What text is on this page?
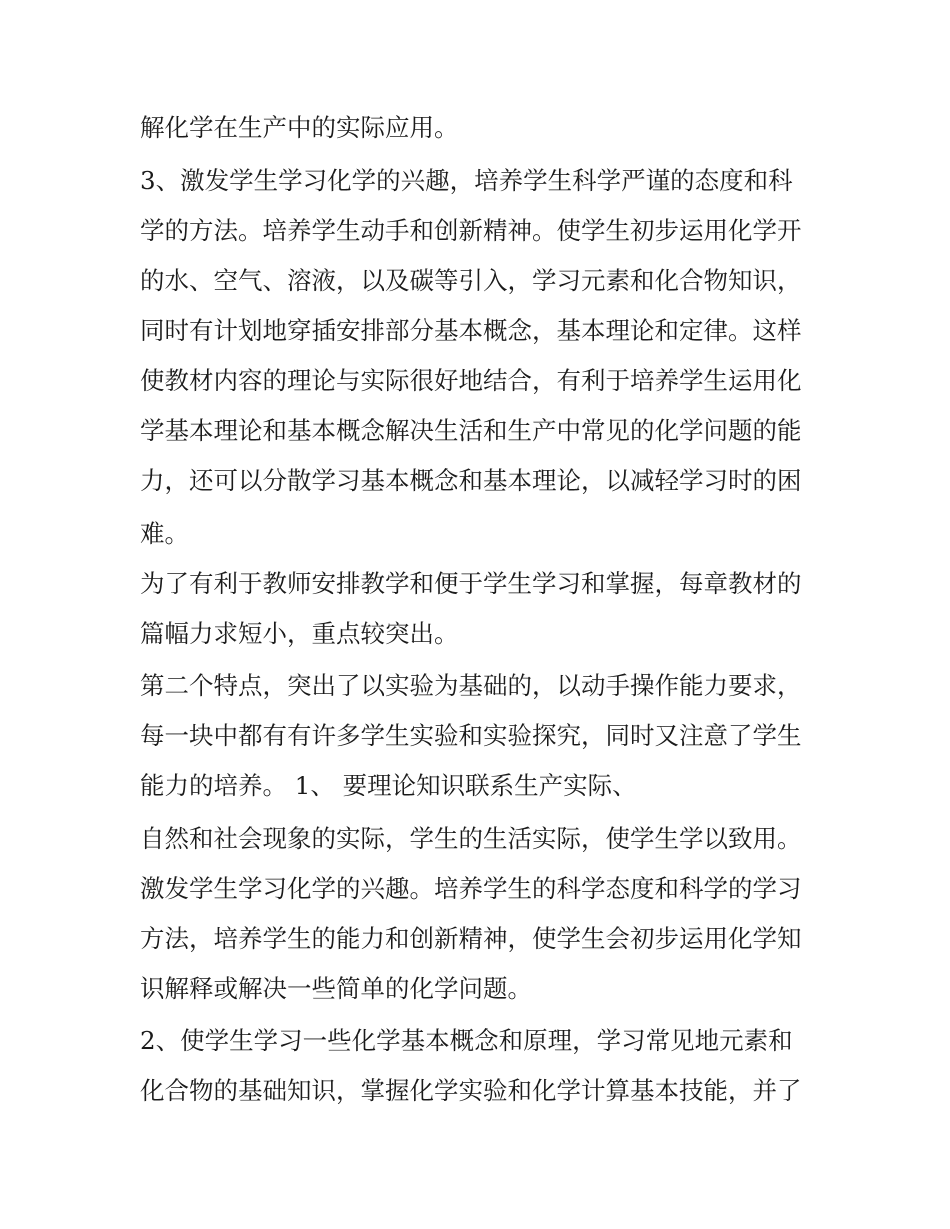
解化学在生产中的实际应用。

3、激发学生学习化学的兴趣，培养学生科学严谨的态度和科

学的方法。培养学生动手和创新精神。使学生初步运用化学开

的水、空气、溶液，以及碳等引入，学习元素和化合物知识，

同时有计划地穿插安排部分基本概念，基本理论和定律。这样

使教材内容的理论与实际很好地结合，有利于培养学生运用化

学基本理论和基本概念解决生活和生产中常见的化学问题的能

力，还可以分散学习基本概念和基本理论，以减轻学习时的困

难。

为了有利于教师安排教学和便于学生学习和掌握，每章教材的

篇幅力求短小，重点较突出。

第二个特点，突出了以实验为基础的，以动手操作能力要求，

每一块中都有有许多学生实验和实验探究，同时又注意了学生

能力的培养。 1、 要理论知识联系生产实际、

自然和社会现象的实际，学生的生活实际，使学生学以致用。

激发学生学习化学的兴趣。培养学生的科学态度和科学的学习

方法，培养学生的能力和创新精神，使学生会初步运用化学知

识解释或解决一些简单的化学问题。

2、使学生学习一些化学基本概念和原理，学习常见地元素和

化合物的基础知识，掌握化学实验和化学计算基本技能，并了
